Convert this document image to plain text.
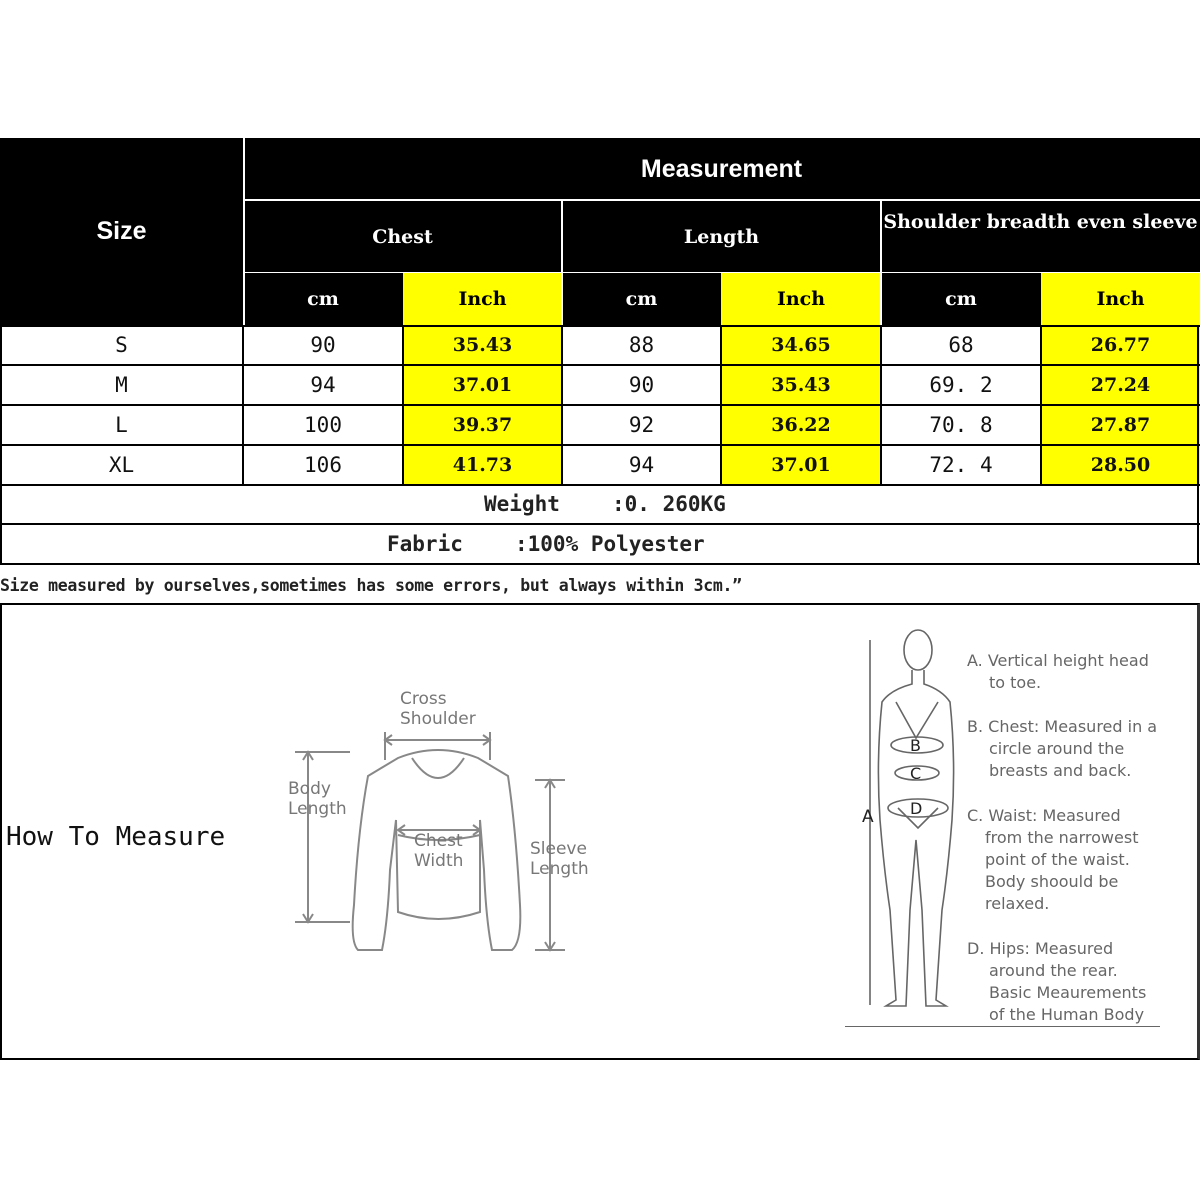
Size
Measurement
Chest	Length
Shoulder breadth even sleeve
cm	Inch	cm	Inch	cm	Inch
S	90	35.43	88	34.65	68	26.77
M	94	37.01	90	35.43	69. 2	27.24
L	100	39.37	92	36.22	70. 8	27.87
XL	106	41.73	94	37.01	72. 4	28.50
Weight :0. 260KG
Fabric :100% Polyester
Size measured by ourselves,sometimes has some errors, but always within 3cm.”
How To Measure
Cross
Shoulder
Body
Length
Chest
Width
Sleeve
Length
A
B
C
D
A. Vertical height head
to toe.
B. Chest: Measured in a
circle around the
breasts and back.
C. Waist: Measured
from the narrowest
point of the waist.
Body shoould be
relaxed.
D. Hips: Measured
around the rear.
Basic Meaurements
of the Human Body
